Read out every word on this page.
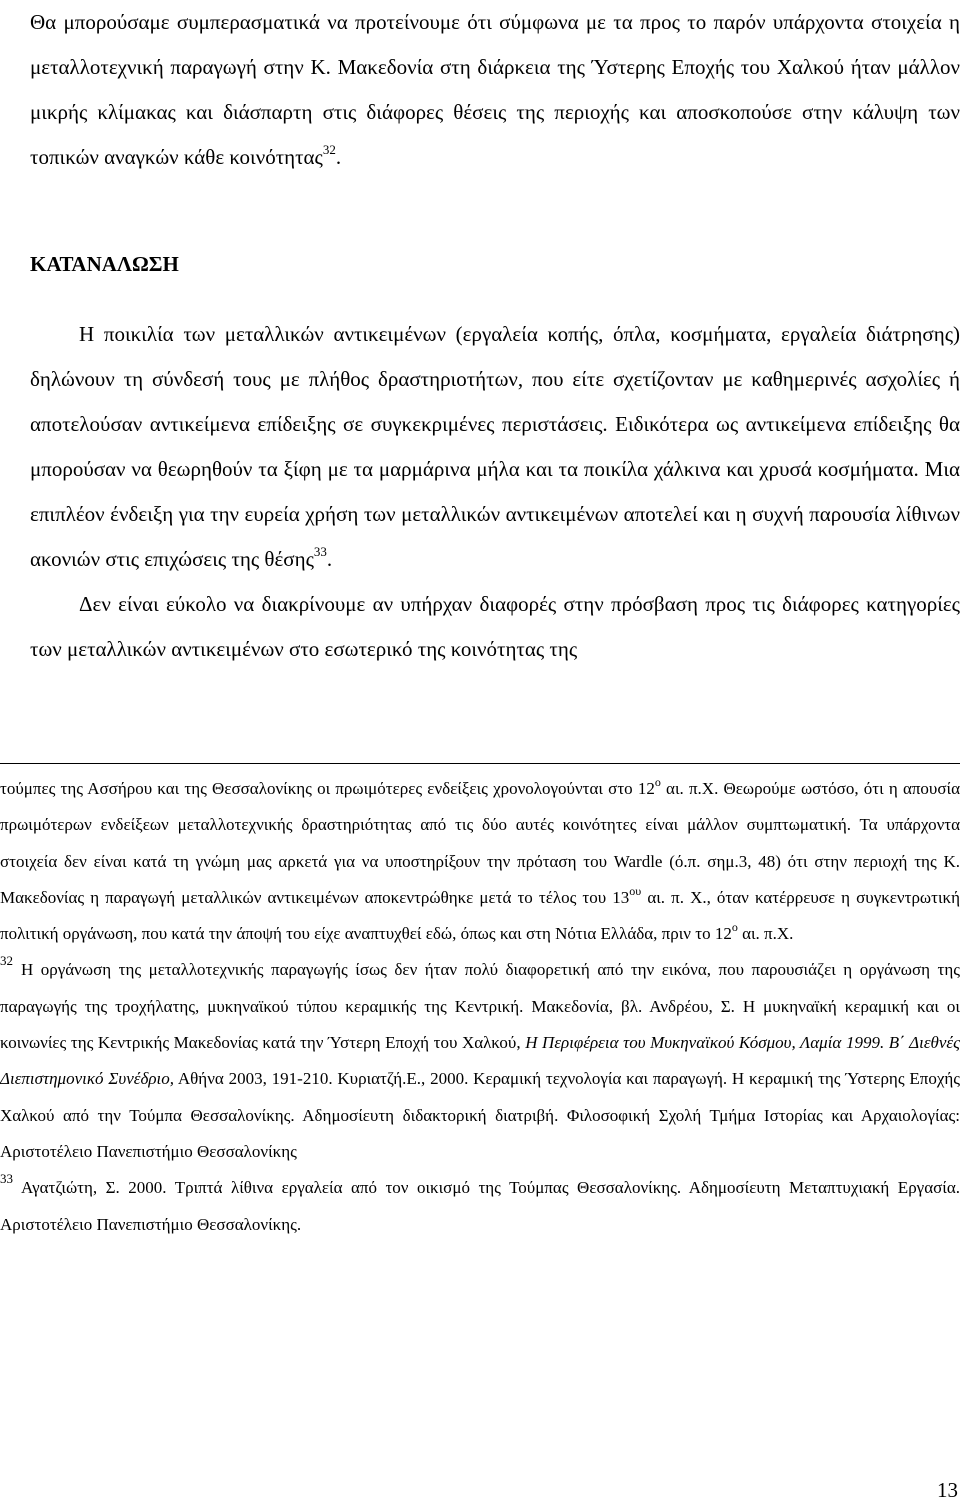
Θα μπορούσαμε συμπερασματικά να προτείνουμε ότι σύμφωνα με τα προς το παρόν υπάρχοντα στοιχεία η μεταλλοτεχνική παραγωγή στην Κ. Μακεδονία στη διάρκεια της Ύστερης Εποχής του Χαλκού ήταν μάλλον μικρής κλίμακας και διάσπαρτη στις διάφορες θέσεις της περιοχής και αποσκοπούσε στην κάλυψη των τοπικών αναγκών κάθε κοινότητας$^{32}$.

ΚΑΤΑΝΑΛΩΣΗ

Η ποικιλία των μεταλλικών αντικειμένων (εργαλεία κοπής, όπλα, κοσμήματα, εργαλεία διάτρησης) δηλώνουν τη σύνδεσή τους με πλήθος δραστηριοτήτων, που είτε σχετίζονταν με καθημερινές ασχολίες ή αποτελούσαν αντικείμενα επίδειξης σε συγκεκριμένες περιστάσεις. Ειδικότερα ως αντικείμενα επίδειξης θα μπορούσαν να θεωρηθούν τα ξίφη με τα μαρμάρινα μήλα και τα ποικίλα χάλκινα και χρυσά κοσμήματα. Μια επιπλέον ένδειξη για την ευρεία χρήση των μεταλλικών αντικειμένων αποτελεί και η συχνή παρουσία λίθινων ακονιών στις επιχώσεις της θέσης$^{33}$.

Δεν είναι εύκολο να διακρίνουμε αν υπήρχαν διαφορές στην πρόσβαση προς τις διάφορες κατηγορίες των μεταλλικών αντικειμένων στο εσωτερικό της κοινότητας της

τούμπες της Ασσήρου και της Θεσσαλονίκης οι πρωιμότερες ενδείξεις χρονολογούνται στο $12^o$ αι. π.Χ. Θεωρούμε ωστόσο, ότι η απουσία πρωιμότερων ενδείξεων μεταλλοτεχνικής δραστηριότητας από τις δύο αυτές κοινότητες είναι μάλλον συμπτωματική. Τα υπάρχοντα στοιχεία δεν είναι κατά τη γνώμη μας αρκετά για να υποστηρίξουν την πρόταση του Wardle (ό.π. σημ.3, 48) ότι στην περιοχή της Κ. Μακεδονίας η παραγωγή μεταλλικών αντικειμένων αποκεντρώθηκε μετά το τέλος του $13^{o\upsilon}$ αι. π. Χ., όταν κατέρρευσε η συγκεντρωτική πολιτική οργάνωση, που κατά την άποψή του είχε αναπτυχθεί εδώ, όπως και στη Νότια Ελλάδα, πριν το $12^o$ αι. π.Χ.

$^{32}$ Η οργάνωση της μεταλλοτεχνικής παραγωγής ίσως δεν ήταν πολύ διαφορετική από την εικόνα, που παρουσιάζει η οργάνωση της παραγωγής της τροχήλατης, μυκηναϊκού τύπου κεραμικής της Κεντρική. Μακεδονία, βλ. Ανδρέου, Σ. Η μυκηναϊκή κεραμική και οι κοινωνίες της Κεντρικής Μακεδονίας κατά την Ύστερη Εποχή του Χαλκού, Η Περιφέρεια του Μυκηναϊκού Κόσμου, Λαμία 1999. Β΄ Διεθνές Διεπιστημονικό Συνέδριο, Αθήνα 2003, 191-210. Κυριατζή.Ε., 2000. Κεραμική τεχνολογία και παραγωγή. Η κεραμική της Ύστερης Εποχής Χαλκού από την Τούμπα Θεσσαλονίκης. Αδημοσίευτη διδακτορική διατριβή. Φιλοσοφική Σχολή Τμήμα Ιστορίας και Αρχαιολογίας: Αριστοτέλειο Πανεπιστήμιο Θεσσαλονίκης

$^{33}$ Αγατζιώτη, Σ. 2000. Τριπτά λίθινα εργαλεία από τον οικισμό της Τούμπας Θεσσαλονίκης. Αδημοσίευτη Μεταπτυχιακή Εργασία. Αριστοτέλειο Πανεπιστήμιο Θεσσαλονίκης.

13
